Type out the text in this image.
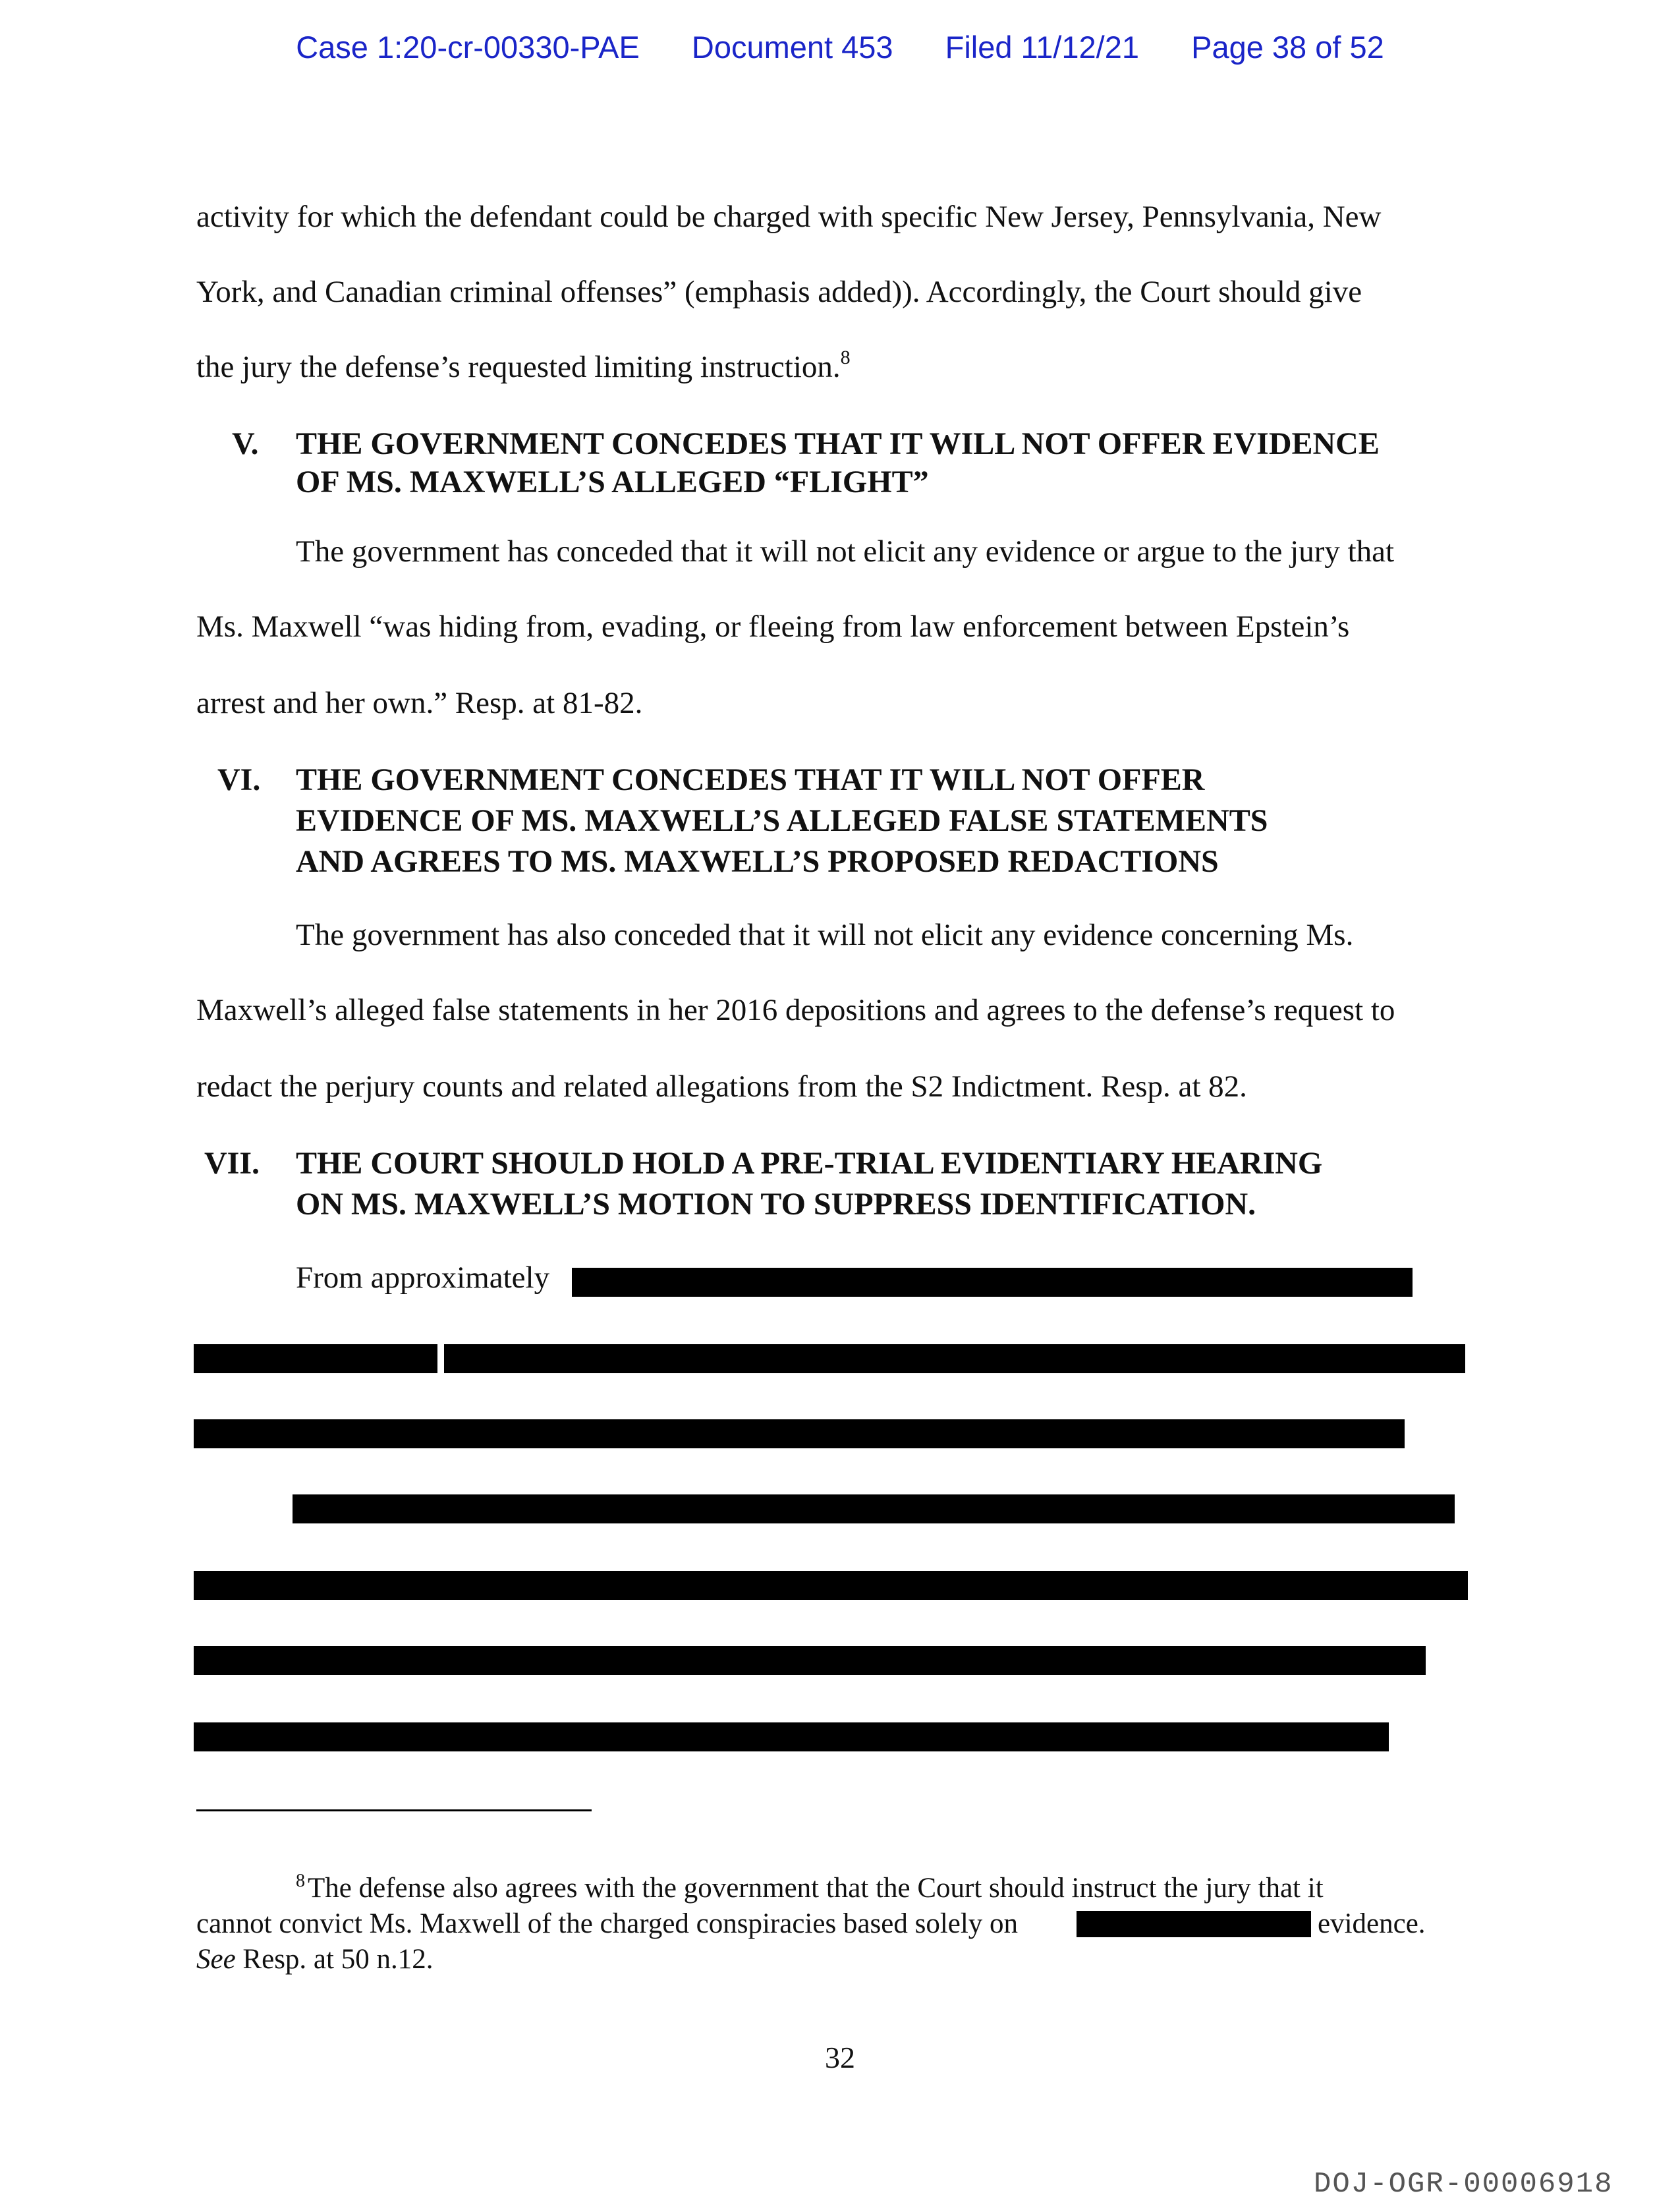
Case 1:20-cr-00330-PAE Document 453 Filed 11/12/21 Page 38 of 52
activity for which the defendant could be charged with specific New Jersey, Pennsylvania, New
York, and Canadian criminal offenses” (emphasis added)). Accordingly, the Court should give
the jury the defense’s requested limiting instruction.$^8$
V. THE GOVERNMENT CONCEDES THAT IT WILL NOT OFFER EVIDENCE
OF MS. MAXWELL’S ALLEGED “FLIGHT”
The government has conceded that it will not elicit any evidence or argue to the jury that
Ms. Maxwell “was hiding from, evading, or fleeing from law enforcement between Epstein’s
arrest and her own.” Resp. at 81-82.
VI. THE GOVERNMENT CONCEDES THAT IT WILL NOT OFFER
EVIDENCE OF MS. MAXWELL’S ALLEGED FALSE STATEMENTS
AND AGREES TO MS. MAXWELL’S PROPOSED REDACTIONS
The government has also conceded that it will not elicit any evidence concerning Ms.
Maxwell’s alleged false statements in her 2016 depositions and agrees to the defense’s request to
redact the perjury counts and related allegations from the S2 Indictment. Resp. at 82.
VII. THE COURT SHOULD HOLD A PRE-TRIAL EVIDENTIARY HEARING
ON MS. MAXWELL’S MOTION TO SUPPRESS IDENTIFICATION.
From approximately
$^8$The defense also agrees with the government that the Court should instruct the jury that it
cannot convict Ms. Maxwell of the charged conspiracies based solely on	evidence.
See Resp. at 50 n.12.
32
DOJ-OGR-00006918
